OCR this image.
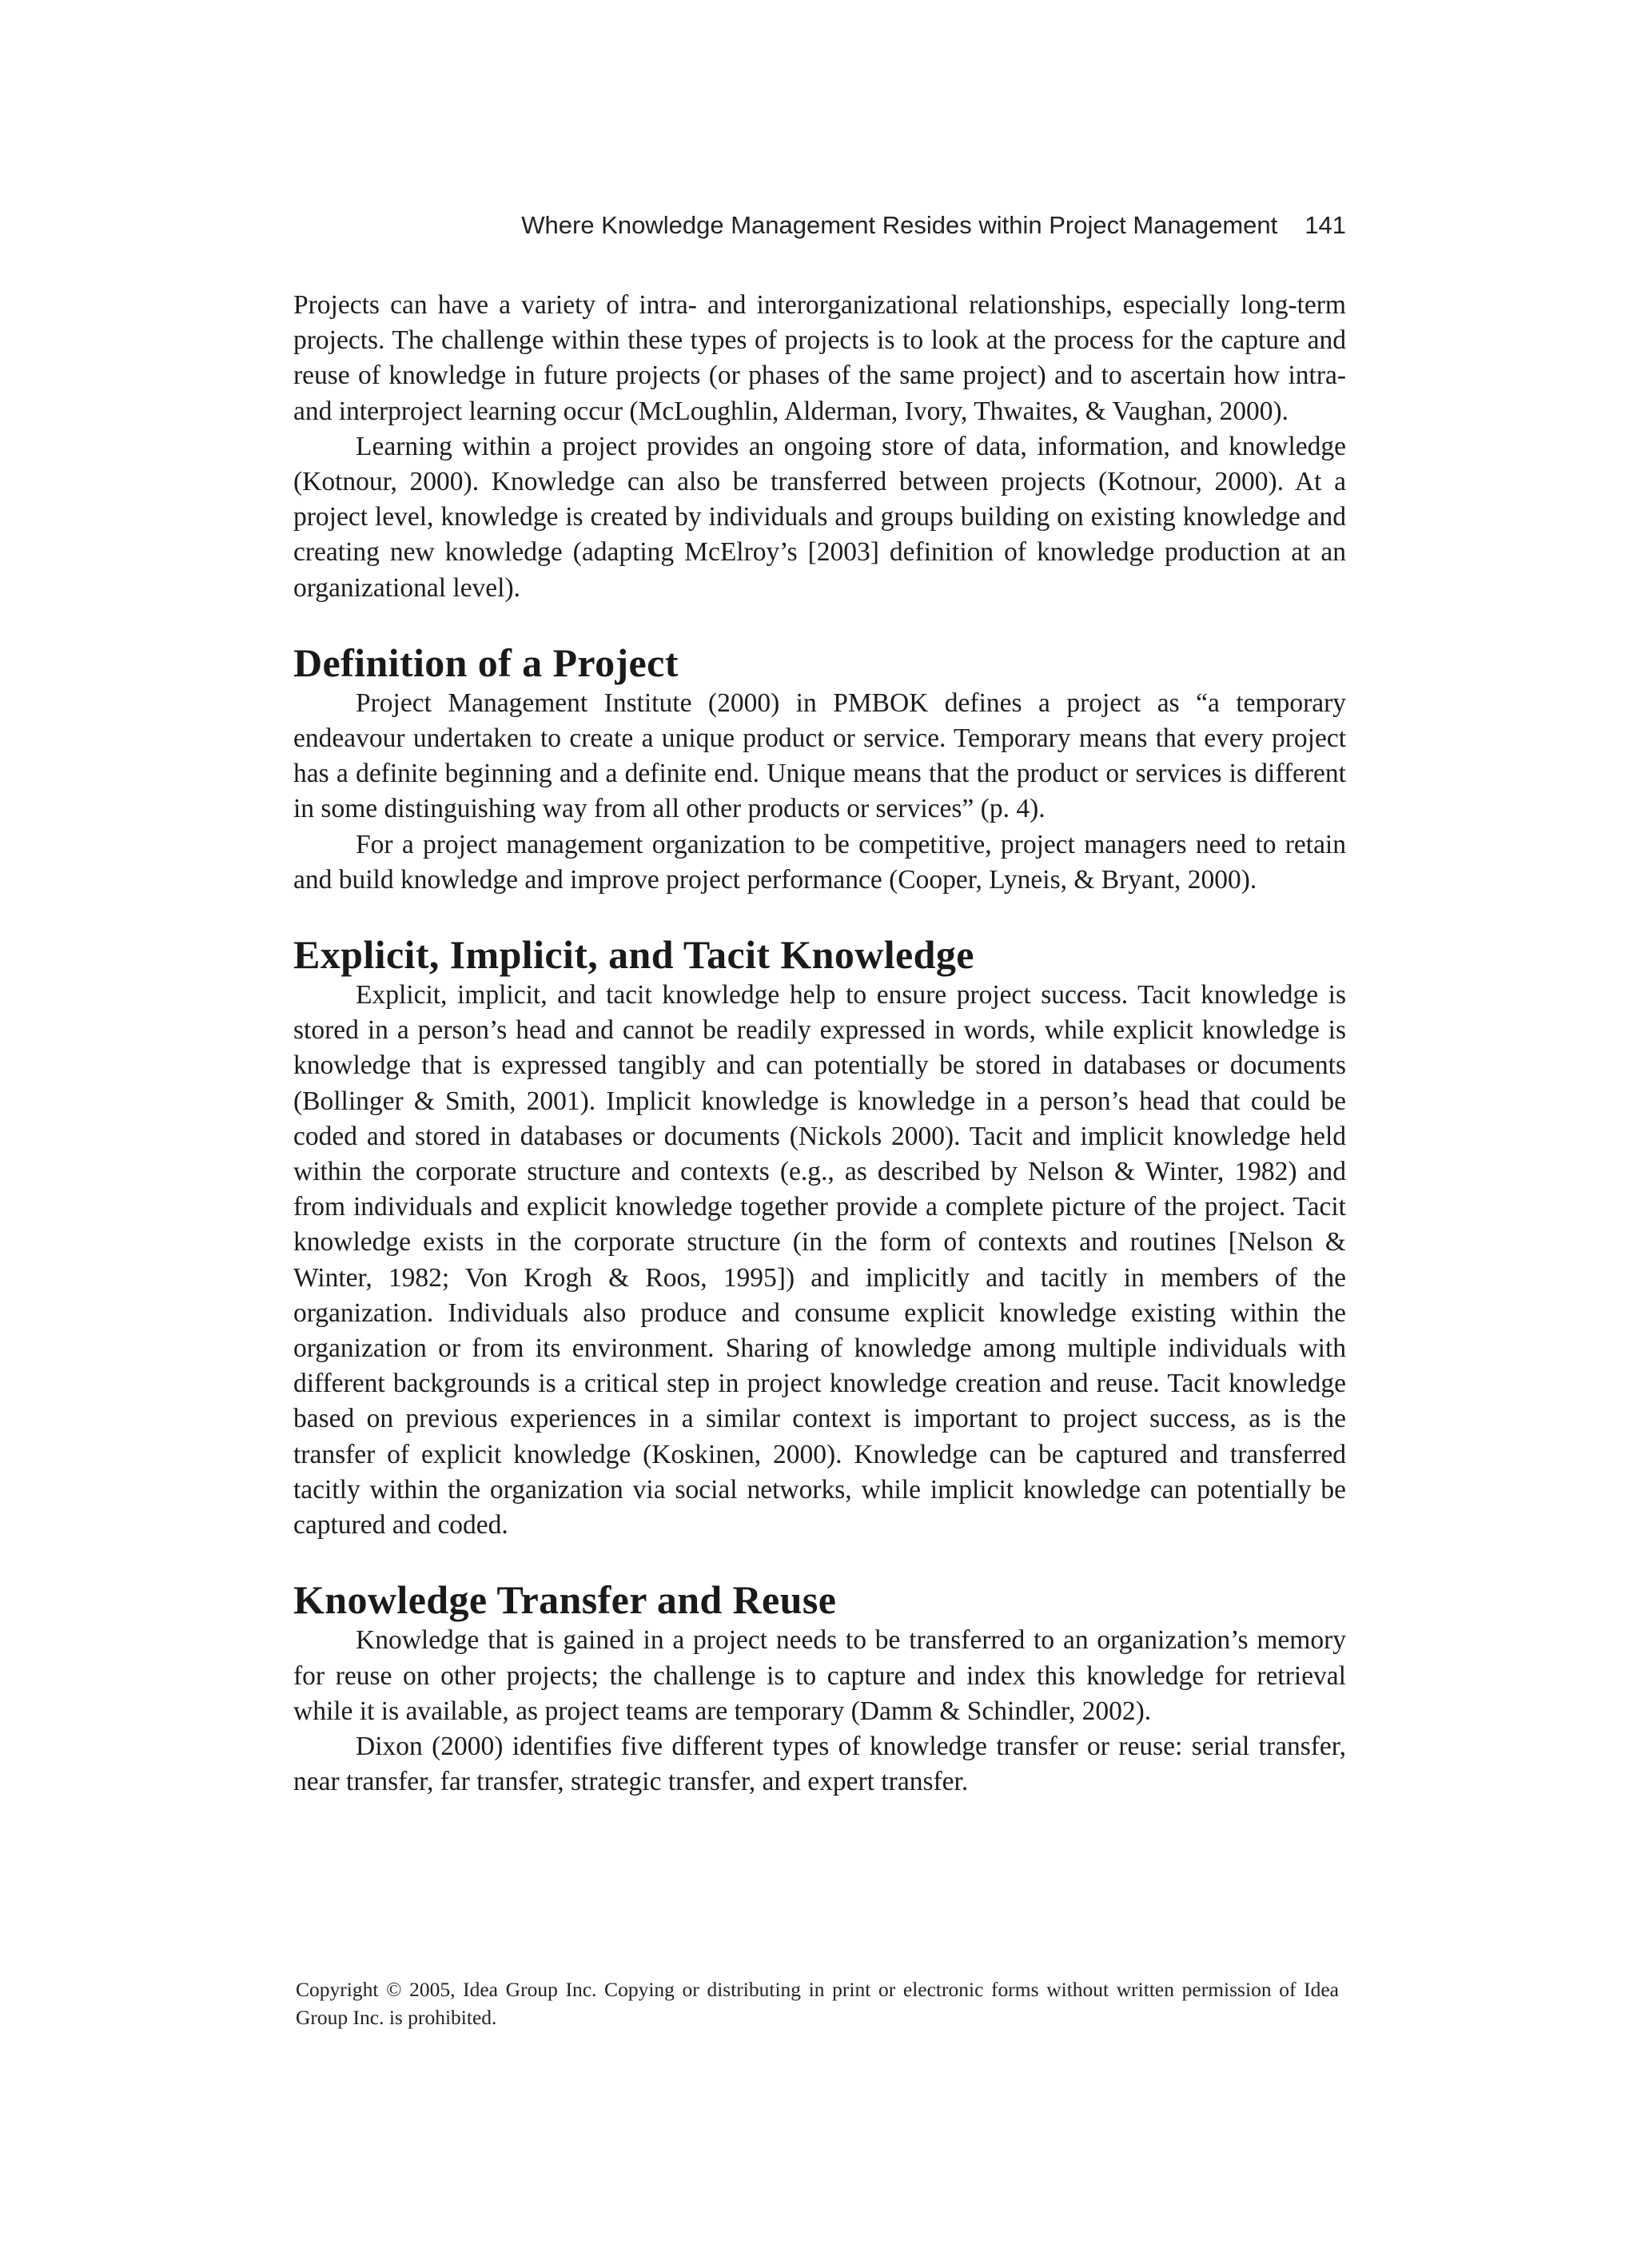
Where Knowledge Management Resides within Project Management 141

Projects can have a variety of intra- and interorganizational relationships, especially long-term projects. The challenge within these types of projects is to look at the process for the capture and reuse of knowledge in future projects (or phases of the same project) and to ascertain how intra- and interproject learning occur (McLoughlin, Alderman, Ivory, Thwaites, & Vaughan, 2000).

Learning within a project provides an ongoing store of data, information, and knowledge (Kotnour, 2000). Knowledge can also be transferred between projects (Kotnour, 2000). At a project level, knowledge is created by individuals and groups building on existing knowledge and creating new knowledge (adapting McElroy’s [2003] definition of knowledge production at an organizational level).

Definition of a Project

Project Management Institute (2000) in PMBOK defines a project as “a temporary endeavour undertaken to create a unique product or service. Temporary means that every project has a definite beginning and a definite end. Unique means that the product or services is different in some distinguishing way from all other products or services” (p. 4).

For a project management organization to be competitive, project managers need to retain and build knowledge and improve project performance (Cooper, Lyneis, & Bryant, 2000).

Explicit, Implicit, and Tacit Knowledge

Explicit, implicit, and tacit knowledge help to ensure project success. Tacit knowledge is stored in a person’s head and cannot be readily expressed in words, while explicit knowledge is knowledge that is expressed tangibly and can potentially be stored in databases or documents (Bollinger & Smith, 2001). Implicit knowledge is knowledge in a person’s head that could be coded and stored in databases or documents (Nickols 2000). Tacit and implicit knowledge held within the corporate structure and contexts (e.g., as described by Nelson & Winter, 1982) and from individuals and explicit knowledge together provide a complete picture of the project. Tacit knowledge exists in the corporate structure (in the form of contexts and routines [Nelson & Winter, 1982; Von Krogh & Roos, 1995]) and implicitly and tacitly in members of the organization. Individuals also produce and consume explicit knowledge existing within the organization or from its environment. Sharing of knowledge among multiple individuals with different backgrounds is a critical step in project knowledge creation and reuse. Tacit knowledge based on previous experiences in a similar context is important to project success, as is the transfer of explicit knowledge (Koskinen, 2000). Knowledge can be captured and transferred tacitly within the organization via social networks, while implicit knowledge can potentially be captured and coded.

Knowledge Transfer and Reuse

Knowledge that is gained in a project needs to be transferred to an organization’s memory for reuse on other projects; the challenge is to capture and index this knowledge for retrieval while it is available, as project teams are temporary (Damm & Schindler, 2002).

Dixon (2000) identifies five different types of knowledge transfer or reuse: serial transfer, near transfer, far transfer, strategic transfer, and expert transfer.

Copyright © 2005, Idea Group Inc. Copying or distributing in print or electronic forms without written permission of Idea Group Inc. is prohibited.
